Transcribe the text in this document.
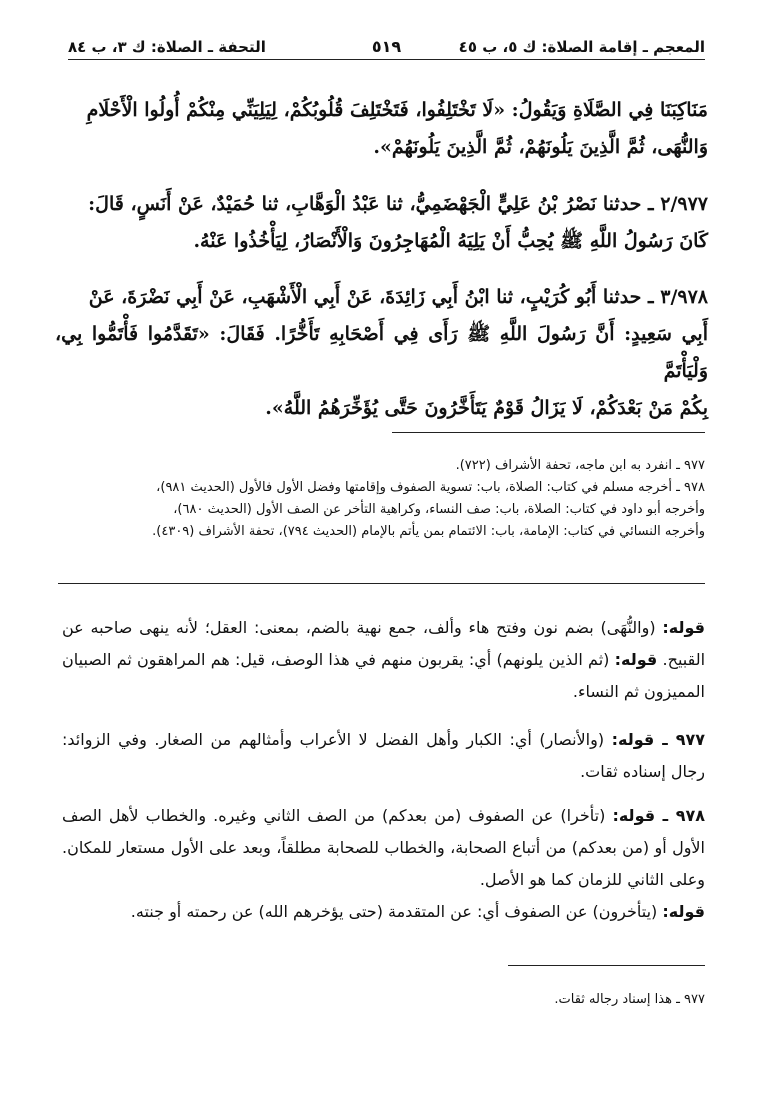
المعجم ـ إقامة الصلاة: ك ٥، ب ٤٥
٥١٩
التحفة ـ الصلاة: ك ٣، ب ٨٤
مَنَاكِبَنَا فِي الصَّلَاةِ وَيَقُولُ: «لَا تَخْتَلِفُوا، فَتَخْتَلِفَ قُلُوبُكُمْ، لِيَلِيَنِّي مِنْكُمْ أُولُوا الْأَحْلَامِ
وَالنُّهَى، ثُمَّ الَّذِينَ يَلُونَهُمْ، ثُمَّ الَّذِينَ يَلُونَهُمْ».
٢/٩٧٧ ـ حدثنا نَصْرُ بْنُ عَلِيٍّ الْجَهْضَمِيُّ، ثنا عَبْدُ الْوَهَّابِ، ثنا حُمَيْدٌ، عَنْ أَنَسٍ، قَالَ:
كَانَ رَسُولُ اللَّهِ ﷺ يُحِبُّ أَنْ يَلِيَهُ الْمُهَاجِرُونَ وَالْأَنْصَارُ، لِيَأْخُذُوا عَنْهُ.
٣/٩٧٨ ـ حدثنا أَبُو كُرَيْبٍ، ثنا ابْنُ أَبِي زَائِدَةَ، عَنْ أَبِي الْأَشْهَبِ، عَنْ أَبِي نَضْرَةَ، عَنْ
أَبِي سَعِيدٍ: أَنَّ رَسُولَ اللَّهِ ﷺ رَأَى فِي أَصْحَابِهِ تَأَخُّرًا. فَقَالَ: «تَقَدَّمُوا فَأْتَمُّوا بِي، وَلْيَأْتَمَّ
بِكُمْ مَنْ بَعْدَكُمْ، لَا يَزَالُ قَوْمٌ يَتَأَخَّرُونَ حَتَّى يُؤَخِّرَهُمُ اللَّهُ».
٩٧٧ ـ انفرد به ابن ماجه، تحفة الأشراف (٧٢٢).
٩٧٨ ـ أخرجه مسلم في كتاب: الصلاة، باب: تسوية الصفوف وإقامتها وفضل الأول فالأول (الحديث ٩٨١)،
وأخرجه أبو داود في كتاب: الصلاة، باب: صف النساء، وكراهية التأخر عن الصف الأول (الحديث ٦٨٠)،
وأخرجه النسائي في كتاب: الإمامة، باب: الائتمام بمن يأتم بالإمام (الحديث ٧٩٤)، تحفة الأشراف (٤٣٠٩).

قوله: (والنُّهَى) بضم نون وفتح هاء وألف، جمع نهية بالضم، بمعنى: العقل؛ لأنه ينهى صاحبه عن القبيح. قوله: (ثم الذين يلونهم) أي: يقربون منهم في هذا الوصف، قيل: هم المراهقون ثم الصبيان المميزون ثم النساء.

٩٧٧ ـ قوله: (والأنصار) أي: الكبار وأهل الفضل لا الأعراب وأمثالهم من الصغار. وفي الزوائد: رجال إسناده ثقات.

٩٧٨ ـ قوله: (تأخرا) عن الصفوف (من بعدكم) من الصف الثاني وغيره. والخطاب لأهل الصف الأول أو (من بعدكم) من أتباع الصحابة، والخطاب للصحابة مطلقاً، وبعد على الأول مستعار للمكان. وعلى الثاني للزمان كما هو الأصل.

قوله: (يتأخرون) عن الصفوف أي: عن المتقدمة (حتى يؤخرهم الله) عن رحمته أو جنته.

٩٧٧ ـ هذا إسناد رجاله ثقات.
